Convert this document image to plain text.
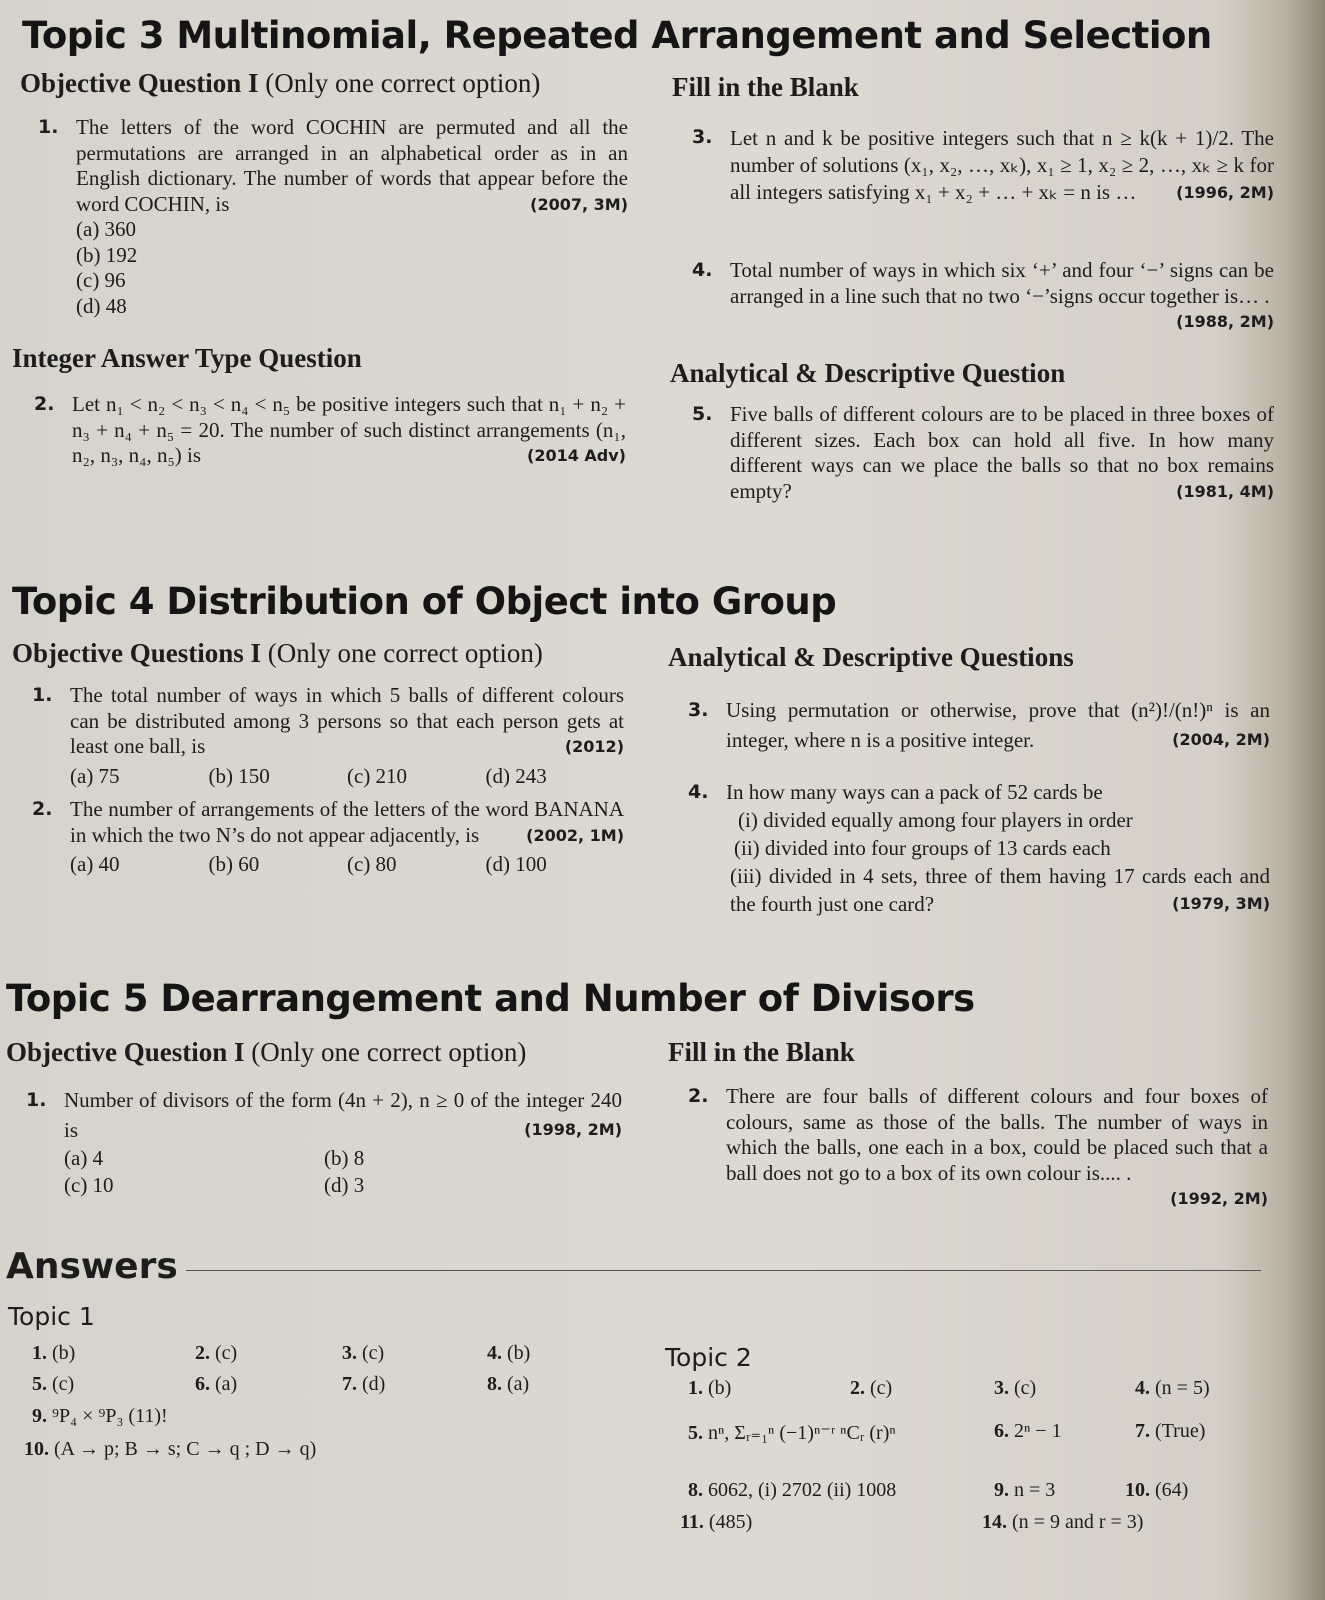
Topic 3 Multinomial, Repeated Arrangement and Selection
Objective Question I (Only one correct option)
1. The letters of the word COCHIN are permuted and all the permutations are arranged in an alphabetical order as in an English dictionary. The number of words that appear before the word COCHIN, is	(2007, 3M)
(a) 360
(b) 192
(c) 96
(d) 48
Integer Answer Type Question
2. Let n₁ < n₂ < n₃ < n₄ < n₅ be positive integers such that n₁ + n₂ + n₃ + n₄ + n₅ = 20. The number of such distinct arrangements (n₁, n₂, n₃, n₄, n₅) is	(2014 Adv)
Fill in the Blank
3. Let n and k be positive integers such that n ≥ k(k + 1)/2. The number of solutions (x₁, x₂, …, xₖ), x₁ ≥ 1, x₂ ≥ 2, …, xₖ ≥ k for all integers satisfying x₁ + x₂ + … + xₖ = n is … (1996, 2M)
4. Total number of ways in which six ‘+’ and four ‘−’ signs can be arranged in a line such that no two ‘−’signs occur together is… .
(1988, 2M)
Analytical & Descriptive Question
5. Five balls of different colours are to be placed in three boxes of different sizes. Each box can hold all five. In how many different ways can we place the balls so that no box remains empty?	(1981, 4M)
Topic 4 Distribution of Object into Group
Objective Questions I (Only one correct option)
1. The total number of ways in which 5 balls of different colours can be distributed among 3 persons so that each person gets at least one ball, is	(2012)
(a) 75	(b) 150	(c) 210	(d) 243
2. The number of arrangements of the letters of the word BANANA in which the two N’s do not appear adjacently, is	(2002, 1M)
(a) 40	(b) 60	(c) 80	(d) 100
Analytical & Descriptive Questions
3. Using permutation or otherwise, prove that (n²)!/(n!)ⁿ is an integer, where n is a positive integer.	(2004, 2M)
4. In how many ways can a pack of 52 cards be
(i) divided equally among four players in order
(ii) divided into four groups of 13 cards each
(iii) divided in 4 sets, three of them having 17 cards each and the fourth just one card?	(1979, 3M)
Topic 5 Dearrangement and Number of Divisors
Objective Question I (Only one correct option)
1. Number of divisors of the form (4n + 2), n ≥ 0 of the integer 240 is	(1998, 2M)
(a) 4	(b) 8
(c) 10	(d) 3
Fill in the Blank
2. There are four balls of different colours and four boxes of colours, same as those of the balls. The number of ways in which the balls, one each in a box, could be placed such that a ball does not go to a box of its own colour is.... .

(1992, 2M)
Answers
Topic 1
1. (b)	2. (c)	3. (c)	4. (b)
5. (c)	6. (a)	7. (d)	8. (a)
9. ⁹P₄ × ⁹P₃ (11)!
10. (A → p; B → s; C → q ; D → q)
Topic 2
1. (b)	2. (c)	3. (c)	4. (n = 5)
5. nⁿ, Σᵣ₌₁ⁿ (−1)ⁿ⁻ʳ ⁿCᵣ (r)ⁿ	6. 2ⁿ − 1	7. (True)
8. 6062, (i) 2702 (ii) 1008	9. n = 3	10. (64)
11. (485)	14. (n = 9 and r = 3)
